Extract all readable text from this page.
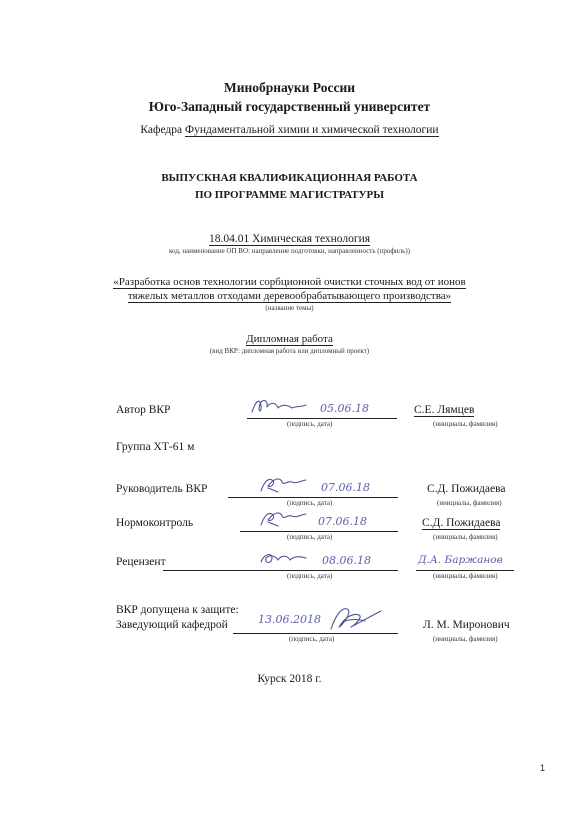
Минобрнауки России
Юго-Западный государственный университет
Кафедра Фундаментальной химии и химической технологии
ВЫПУСКНАЯ КВАЛИФИКАЦИОННАЯ РАБОТА
ПО ПРОГРАММЕ МАГИСТРАТУРЫ
18.04.01 Химическая технология
код, наименование ОП ВО: направление подготовки, направленность (профиль))
«Разработка основ технологии сорбционной очистки сточных вод от ионов
тяжелых металлов отходами деревообрабатывающего производства»
(название темы)
Дипломная работа
(вид ВКР: дипломная работа или дипломный проект)
Автор ВКР	05.06.18	С.Е. Лямцев
(подпись, дата)	(инициалы, фамилия)
Группа ХТ-61 м
Руководитель ВКР	07.06.18	С.Д. Пожидаева
(подпись, дата)	(инициалы, фамилия)
Нормоконтроль	07.06.18	С.Д. Пожидаева
(подпись, дата)	(инициалы, фамилия)
Рецензент	08.06.18	Д.А. Баржанов
(подпись, дата)	(инициалы, фамилия)
ВКР допущена к защите:
Заведующий кафедрой	13.06.2018	Л. М. Миронович
(подпись, дата)	(инициалы, фамилия)
Курск 2018 г.
1
